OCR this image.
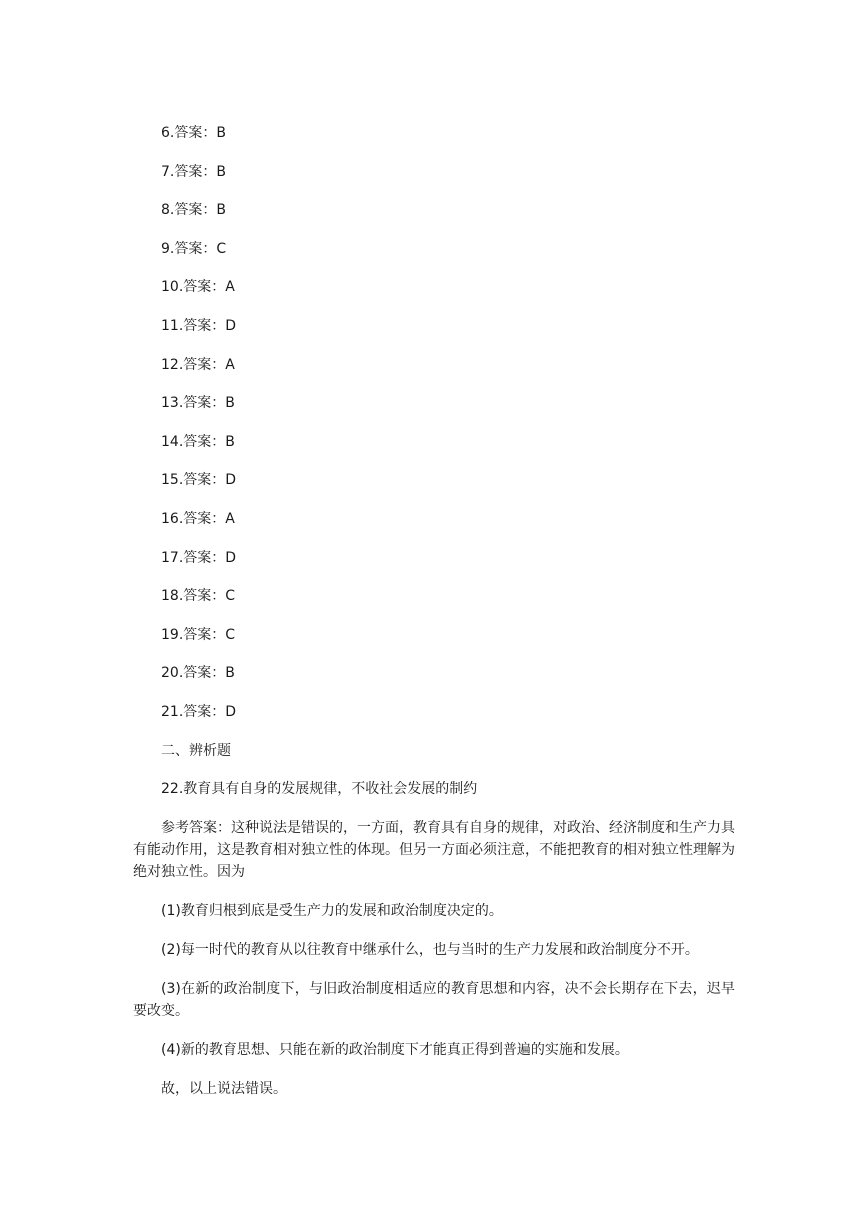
6.答案：B
7.答案：B
8.答案：B
9.答案：C
10.答案：A
11.答案：D
12.答案：A
13.答案：B
14.答案：B
15.答案：D
16.答案：A
17.答案：D
18.答案：C
19.答案：C
20.答案：B
21.答案：D
二、辨析题
22.教育具有自身的发展规律，不收社会发展的制约

参考答案：这种说法是错误的，一方面，教育具有自身的规律，对政治、经济制度和生产力具有能动作用，这是教育相对独立性的体现。但另一方面必须注意，不能把教育的相对独立性理解为绝对独立性。因为

(1)教育归根到底是受生产力的发展和政治制度决定的。

(2)每一时代的教育从以往教育中继承什么，也与当时的生产力发展和政治制度分不开。

(3)在新的政治制度下，与旧政治制度相适应的教育思想和内容，决不会长期存在下去，迟早要改变。

(4)新的教育思想、只能在新的政治制度下才能真正得到普遍的实施和发展。

故，以上说法错误。
